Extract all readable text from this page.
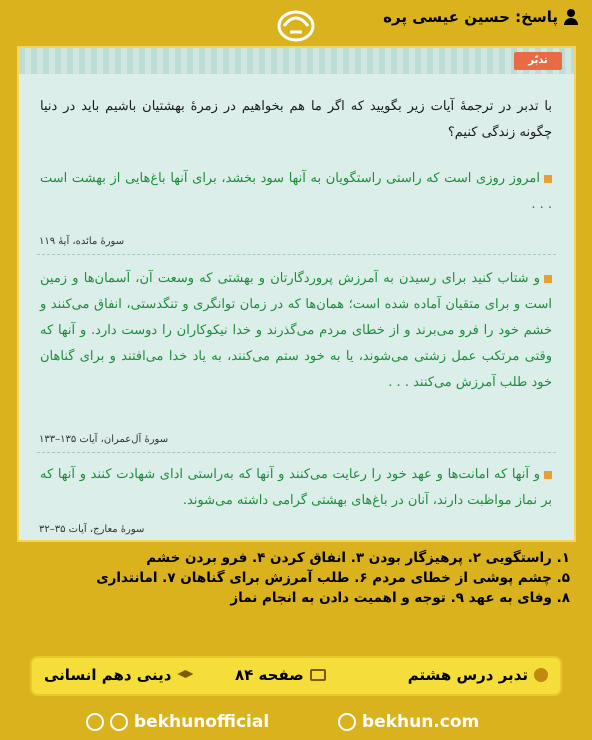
پاسخ: حسین عیسی پره
تدبّر
با تدبر در ترجمهٔ آیات زیر بگویید که اگر ما هم بخواهیم در زمرهٔ بهشتیان باشیم باید در دنیا چگونه زندگی کنیم؟
امروز روزی است که راستی راستگویان به آنها سود بخشد، برای آنها باغ‌هایی از بهشت است . . .
سورهٔ مائده، آیهٔ ۱۱۹
و شتاب کنید برای رسیدن به آمرزش پروردگارتان و بهشتی که وسعت آن، آسمان‌ها و زمین است و برای متقیان آماده شده است؛ همان‌ها که در زمان توانگری و تنگدستی، انفاق می‌کنند و خشم خود را فرو می‌برند و از خطای مردم می‌گذرند و خدا نیکوکاران را دوست دارد. و آنها که وقتی مرتکب عمل زشتی می‌شوند، یا به خود ستم می‌کنند، به یاد خدا می‌افتند و برای گناهان خود طلب آمرزش می‌کنند . . .
سورهٔ آل‌عمران، آیات ۱۳۵–۱۳۳
و آنها که امانت‌ها و عهد خود را رعایت می‌کنند و آنها که به‌راستی ادای شهادت کنند و آنها که بر نماز مواظبت دارند، آنان در باغ‌های بهشتی گرامی داشته می‌شوند.
سورهٔ معارج، آیات ۳۵–۳۲
۱. راستگویی ۲. پرهیزگار بودن ۳. انفاق کردن ۴. فرو بردن خشم
۵. چشم پوشی از خطای مردم ۶. طلب آمرزش برای گناهان ۷. امانتداری
۸. وفای به عهد ۹. توجه و اهمیت دادن به انجام نماز
تدبر درس هشتم
صفحه ۸۴
دینی دهم انسانی
bekhunofficial	bekhun.com
